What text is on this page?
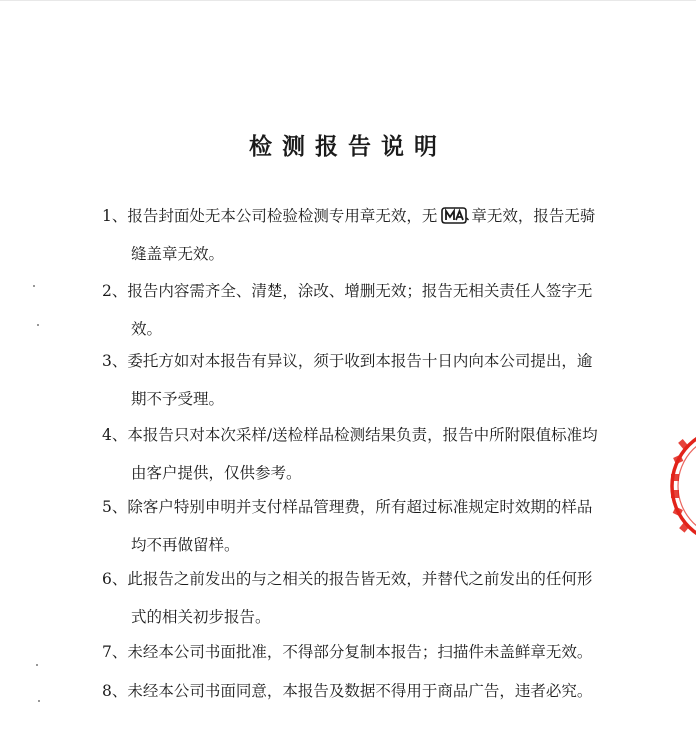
检测报告说明
1、报告封面处无本公司检验检测专用章无效，无 章无效，报告无骑
缝盖章无效。
2、报告内容需齐全、清楚，涂改、增删无效；报告无相关责任人签字无
效。
3、委托方如对本报告有异议，须于收到本报告十日内向本公司提出，逾
期不予受理。
4、本报告只对本次采样/送检样品检测结果负责，报告中所附限值标准均
由客户提供，仅供参考。
5、除客户特别申明并支付样品管理费，所有超过标准规定时效期的样品
均不再做留样。
6、此报告之前发出的与之相关的报告皆无效，并替代之前发出的任何形
式的相关初步报告。
7、未经本公司书面批准，不得部分复制本报告；扫描件未盖鲜章无效。
8、未经本公司书面同意，本报告及数据不得用于商品广告，违者必究。
